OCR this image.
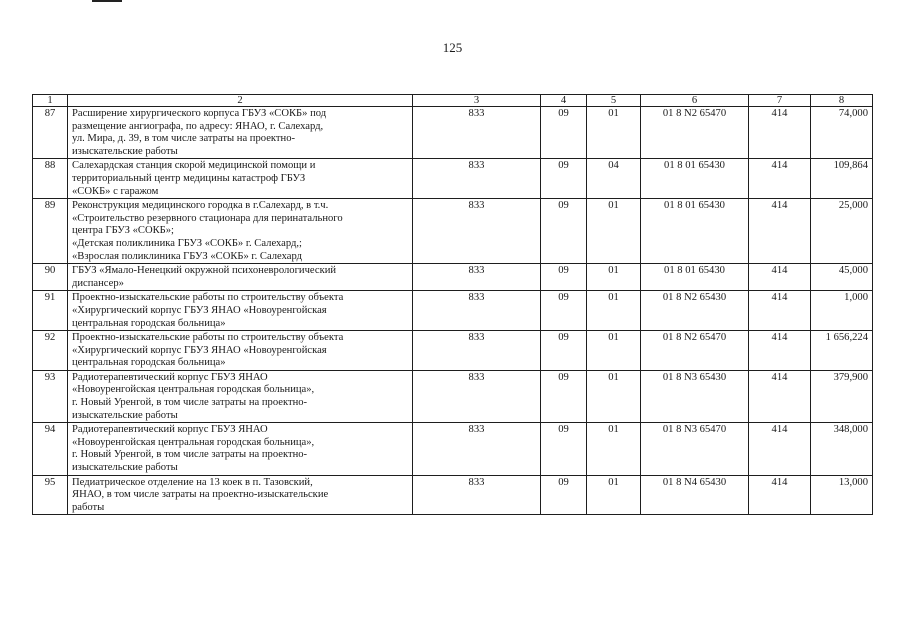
125
1	2	3	4	5	6	7	8
87	Расширение хирургического корпуса ГБУЗ «СОКБ» под
размещение ангиографа, по адресу: ЯНАО, г. Салехард,
ул. Мира, д. 39, в том числе затраты на проектно-
изыскательские работы	833	09	01	01 8 N2 65470	414	74,000
88	Салехардская станция скорой медицинской помощи и
территориальный центр медицины катастроф ГБУЗ
«СОКБ» с гаражом	833	09	04	01 8 01 65430	414	109,864
89	Реконструкция медицинского городка в г.Салехард, в т.ч.
«Строительство резервного стационара для перинатального
центра ГБУЗ «СОКБ»;
«Детская поликлиника ГБУЗ «СОКБ» г. Салехард,;
«Взрослая поликлиника ГБУЗ «СОКБ» г. Салехард	833	09	01	01 8 01 65430	414	25,000
90	ГБУЗ «Ямало-Ненецкий окружной психоневрологический
диспансер»	833	09	01	01 8 01 65430	414	45,000
91	Проектно-изыскательские работы по строительству объекта
«Хирургический корпус ГБУЗ ЯНАО «Новоуренгойская
центральная городская больница»	833	09	01	01 8 N2 65430	414	1,000
92	Проектно-изыскательские работы по строительству объекта
«Хирургический корпус ГБУЗ ЯНАО «Новоуренгойская
центральная городская больница»	833	09	01	01 8 N2 65470	414	1 656,224
93	Радиотерапевтический корпус ГБУЗ ЯНАО
«Новоуренгойская центральная городская больница»,
г. Новый Уренгой, в том числе затраты на проектно-
изыскательские работы	833	09	01	01 8 N3 65430	414	379,900
94	Радиотерапевтический корпус ГБУЗ ЯНАО
«Новоуренгойская центральная городская больница»,
г. Новый Уренгой, в том числе затраты на проектно-
изыскательские работы	833	09	01	01 8 N3 65470	414	348,000
95	Педиатрическое отделение на 13 коек в п. Тазовский,
ЯНАО, в том числе затраты на проектно-изыскательские
работы	833	09	01	01 8 N4 65430	414	13,000
